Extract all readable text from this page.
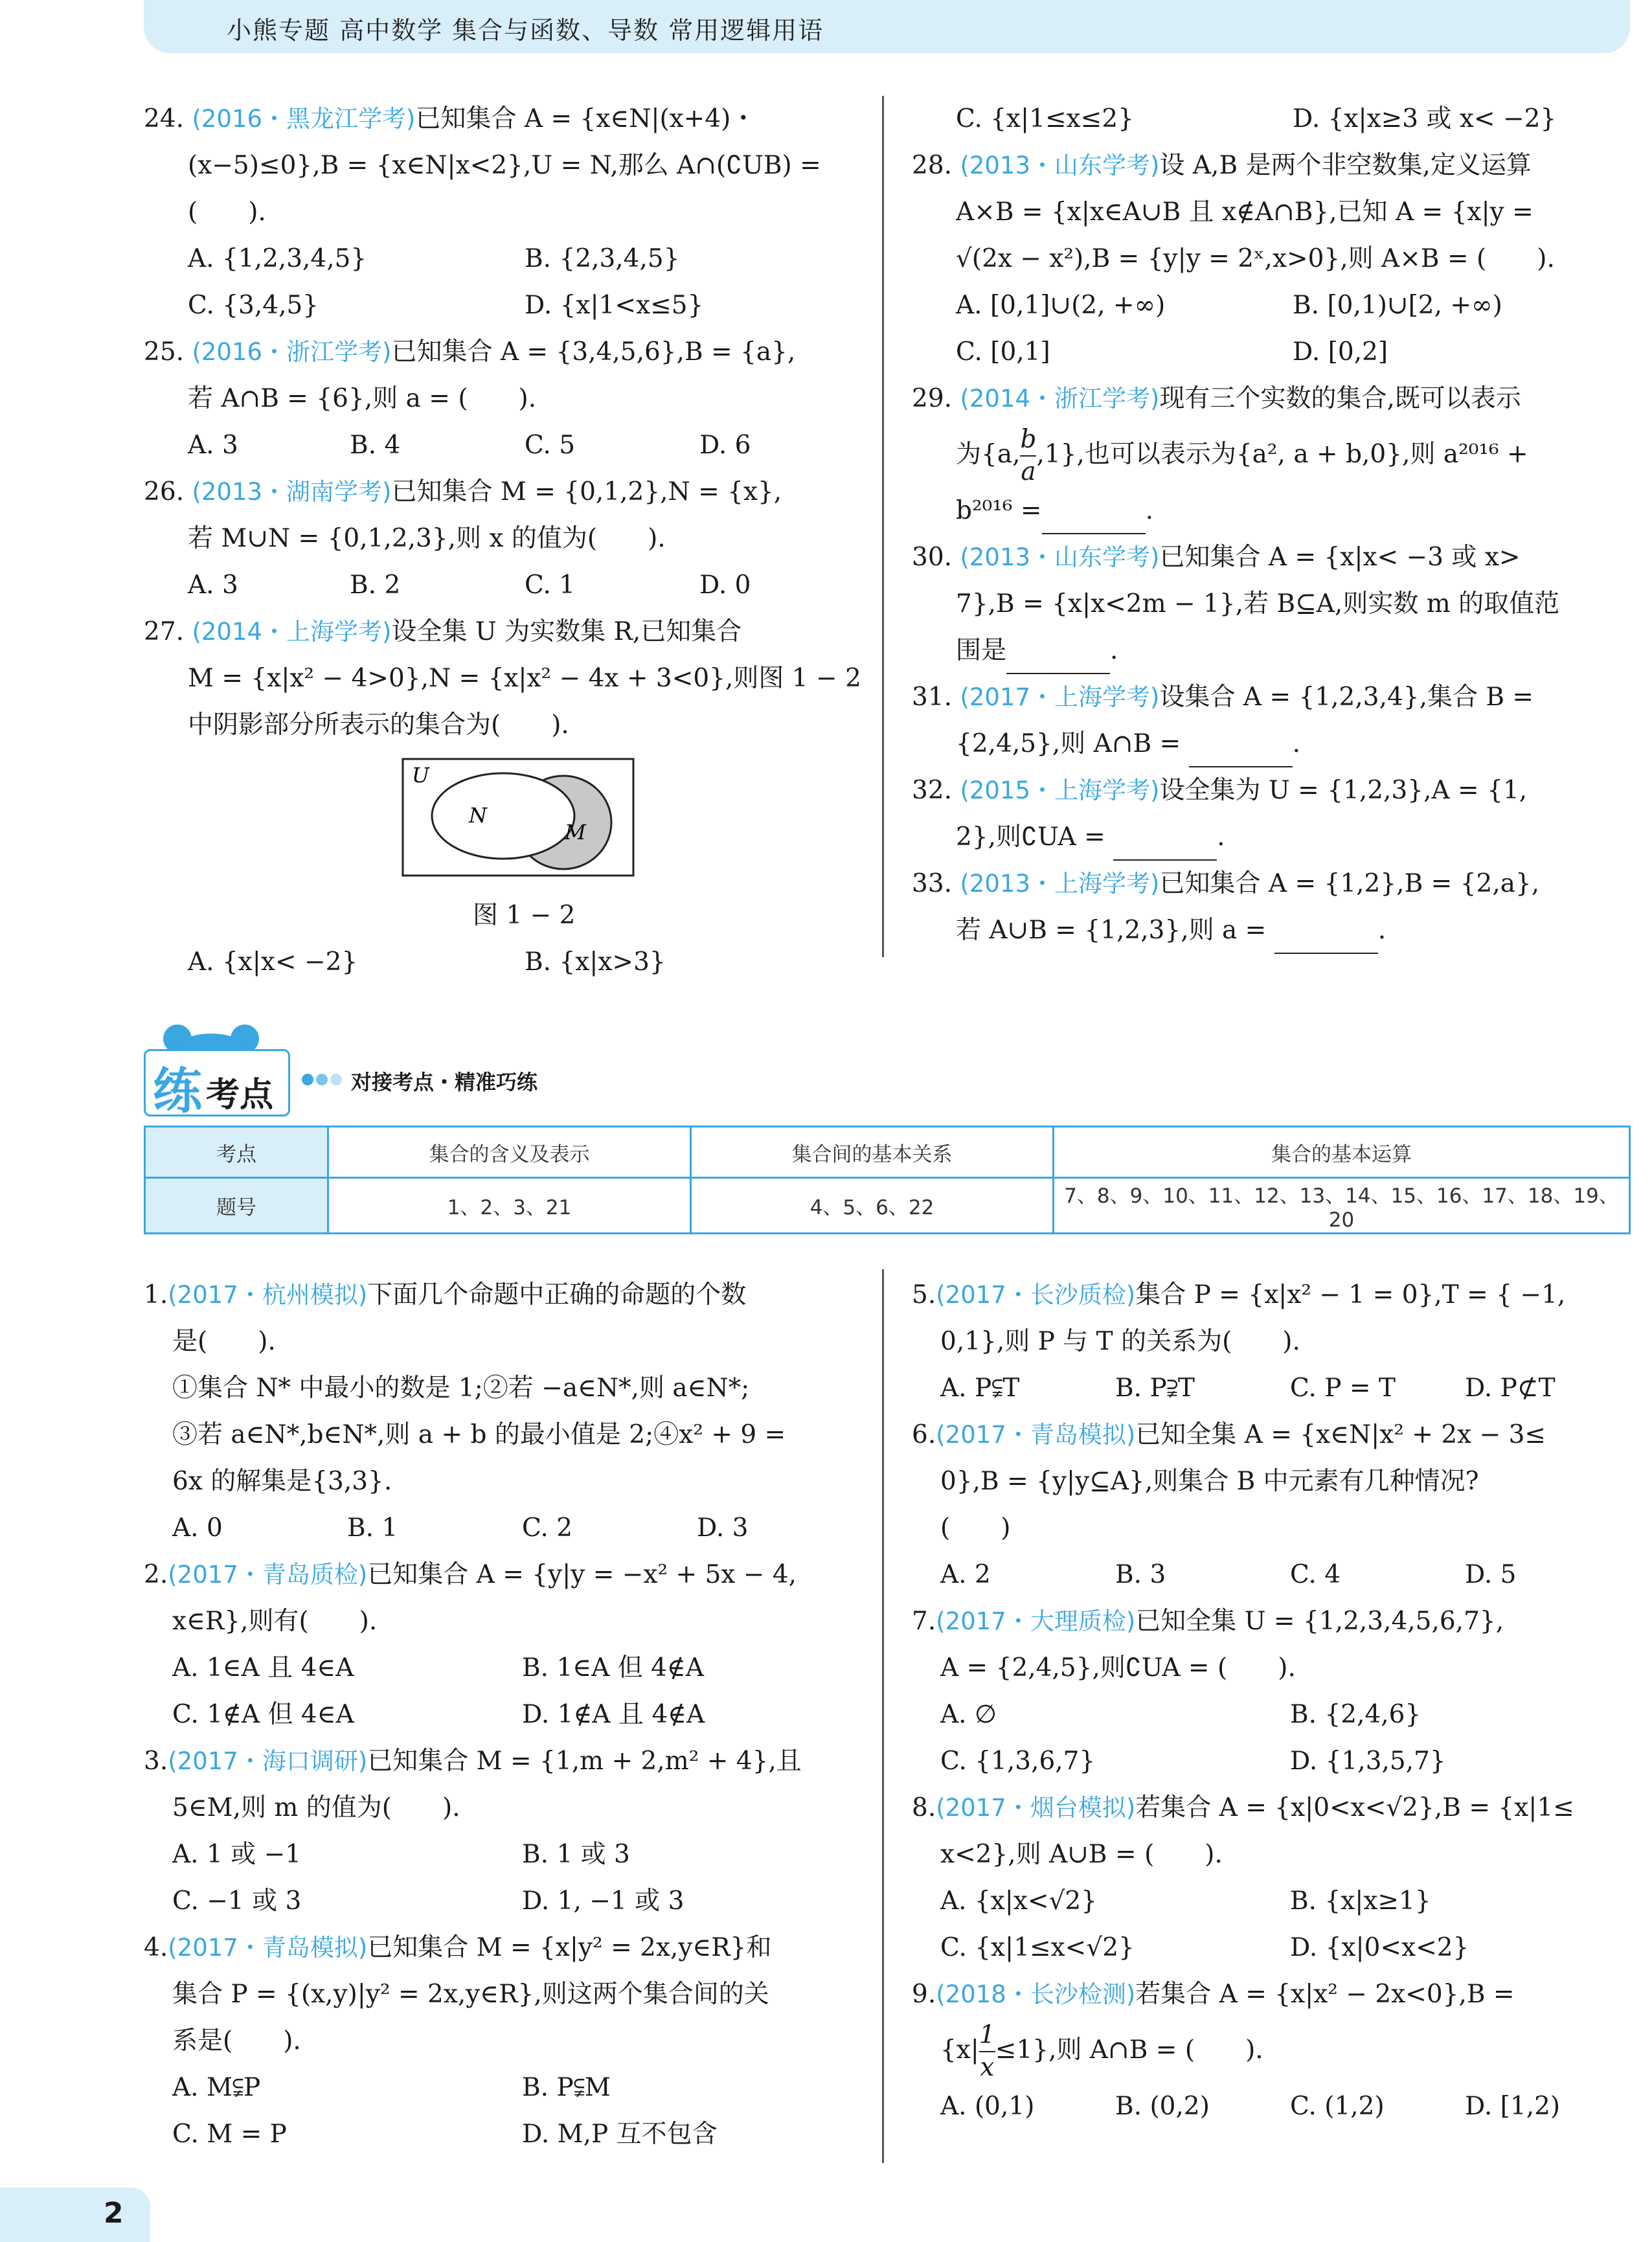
小熊专题 高中数学 集合与函数、导数 常用逻辑用语
24. (2016・黑龙江学考)已知集合 A = {x∈N|(x+4)・
(x−5)≤0},B = {x∈N|x<2},U = N,那么 A∩(∁UB) =
(　　).
A. {1,2,3,4,5}	B. {2,3,4,5}
C. {3,4,5}	D. {x|1<x≤5}
25. (2016・浙江学考)已知集合 A = {3,4,5,6},B = {a},
若 A∩B = {6},则 a = (　　).
A. 3	B. 4	C. 5	D. 6
26. (2013・湖南学考)已知集合 M = {0,1,2},N = {x},
若 M∪N = {0,1,2,3},则 x 的值为(　　).
A. 3	B. 2	C. 1	D. 0
27. (2014・上海学考)设全集 U 为实数集 R,已知集合
M = {x|x² − 4>0},N = {x|x² − 4x + 3<0},则图 1 − 2
中阴影部分所表示的集合为(　　).
U
N
M
图 1 − 2
A. {x|x< −2}	B. {x|x>3}
C. {x|1≤x≤2}	D. {x|x≥3 或 x< −2}
28. (2013・山东学考)设 A,B 是两个非空数集,定义运算
A×B = {x|x∈A∪B 且 x∉A∩B},已知 A = {x|y =
√(2x − x²),B = {y|y = 2ˣ,x>0},则 A×B = (　　).
A. [0,1]∪(2, +∞)	B. [0,1)∪[2, +∞)
C. [0,1]	D. [0,2]
29. (2014・浙江学考)现有三个实数的集合,既可以表示
为{a, $\frac{b}{a} ,1$},也可以表示为{a², a + b,0},则 a²⁰¹⁶ +
b²⁰¹⁶ =	.
30. (2013・山东学考)已知集合 A = {x|x< −3 或 x>
7},B = {x|x<2m − 1},若 B⊆A,则实数 m 的取值范
围是	.
31. (2017・上海学考)设集合 A = {1,2,3,4},集合 B =
{2,4,5},则 A∩B =	.
32. (2015・上海学考)设全集为 U = {1,2,3},A = {1,
2},则∁UA =	.
33. (2013・上海学考)已知集合 A = {1,2},B = {2,a},
若 A∪B = {1,2,3},则 a =	.
练 考点	对接考点・精准巧练
考点	集合的含义及表示	集合间的基本关系	集合的基本运算
题号	1、2、3、21	4、5、6、22	7、8、9、10、11、12、13、14、15、16、17、18、19、20
1.(2017・杭州模拟)下面几个命题中正确的命题的个数
是(　　).
①集合 N* 中最小的数是 1;②若 −a∈N*,则 a∈N*;
③若 a∈N*,b∈N*,则 a + b 的最小值是 2;④x² + 9 =
6x 的解集是{3,3}.
A. 0	B. 1	C. 2	D. 3
2.(2017・青岛质检)已知集合 A = {y|y = −x² + 5x − 4,
x∈R},则有(　　).
A. 1∈A 且 4∈A	B. 1∈A 但 4∉A
C. 1∉A 但 4∈A	D. 1∉A 且 4∉A
3.(2017・海口调研)已知集合 M = {1,m + 2,m² + 4},且
5∈M,则 m 的值为(　　).
A. 1 或 −1	B. 1 或 3
C. −1 或 3	D. 1, −1 或 3
4.(2017・青岛模拟)已知集合 M = {x|y² = 2x,y∈R}和
集合 P = {(x,y)|y² = 2x,y∈R},则这两个集合间的关
系是(　　).
A. M⫋P	B. P⫋M
C. M = P	D. M,P 互不包含
5.(2017・长沙质检)集合 P = {x|x² − 1 = 0},T = { −1,
0,1},则 P 与 T 的关系为(　　).
A. P⫋T	B. P⫌T	C. P = T	D. P⊄T
6.(2017・青岛模拟)已知全集 A = {x∈N|x² + 2x − 3≤
0},B = {y|y⊆A},则集合 B 中元素有几种情况?
(　　)
A. 2	B. 3	C. 4	D. 5
7.(2017・大理质检)已知全集 U = {1,2,3,4,5,6,7},
A = {2,4,5},则∁UA = (　　).
A. ∅	B. {2,4,6}
C. {1,3,6,7}	D. {1,3,5,7}
8.(2017・烟台模拟)若集合 A = {x|0<x<√2},B = {x|1≤
x<2},则 A∪B = (　　).
A. {x|x<√2}	B. {x|x≥1}
C. {x|1≤x<√2}	D. {x|0<x<2}
9.(2018・长沙检测)若集合 A = {x|x² − 2x<0},B =
$\{x| \frac{1}{x} \le 1\}$,则 A∩B = (　　).
A. (0,1)	B. (0,2)	C. (1,2)	D. [1,2)
2
